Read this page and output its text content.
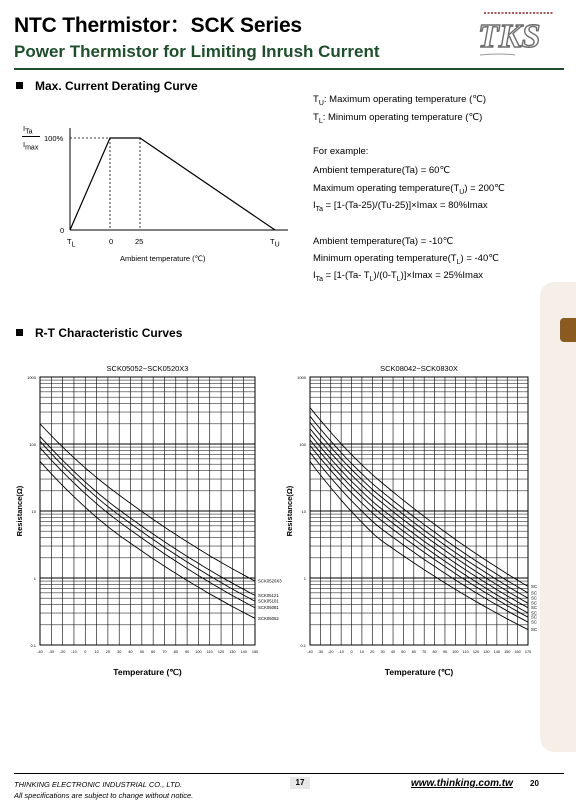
NTC Thermistor：SCK Series
Power Thermistor for Limiting Inrush Current	TKS
Max. Current Derating Curve
$I_{Ta}$
$I_{max}$
100%
0
$T_L$	0	25	$T_U$
Ambient temperature (℃)
$T_U$: Maximum operating temperature (℃)
$T_L$: Minimum operating temperature (℃)
For example:
Ambient temperature(Ta) = 60℃
Maximum operating $temperature(T_U)$ = 200℃
$I_{Ta} = [1-(Ta-25)/(Tu-25)]\times Imax = 80\%Imax$
Ambient temperature(Ta) = -10℃
Minimum operating $temperature(T_L)$ = -40℃
$I_{Ta} = [1-(Ta-$ $T_L)/(0-T_L)]\times Imax = 25\%Imax$
R-T Characteristic Curves
SCK05052~SCK0520X3
-40 -30 -20 -10 0 10 20 30 40 50 60 70 80 90 100 110 120 130 140 150
0.1
1
10
100
1000
SCK0520X3
SCK05121
SCK05101
SCK05081
SCK05052
Resistance(Ω)
Temperature (℃)
SCK08042~SCK0830X
-40 -30 -20 -10 0 10 20 30 40 50 60 70 80 90 100 110 120 130 140 150 160 170
0.1
1
10
100
1000
SC
SC
SC
SC
SC
SC
SC
SC
SC
Resistance(Ω)
Temperature (℃)
THINKING ELECTRONIC INDUSTRIAL CO., LTD.
All specifications are subject to change without notice.
17	www.thinking.com.tw 20
